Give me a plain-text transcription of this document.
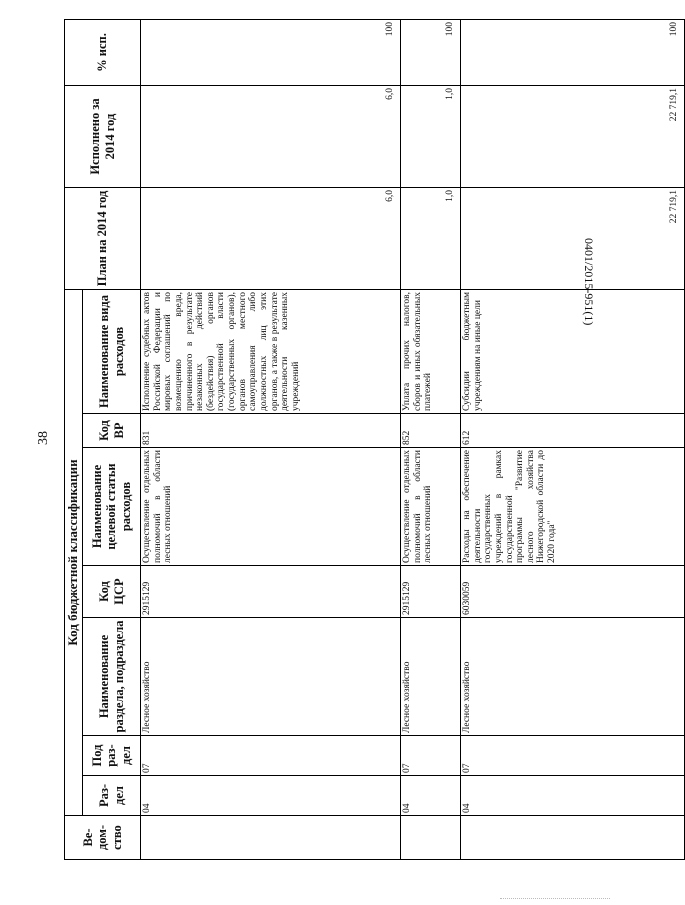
38
0401/2015-951(1)
Ве-
дом-
ство	Код бюджетной классификации							План на 2014 год	Исполнено за 2014 год	% исп.
	Раз-
дел	Под
раз-
дел	Наименование раздела, подраздела	Код ЦСР	Наименование целевой статьи расходов	Код ВР	Наименование вида расходов			
	04	07	Лесное хозяйство	2915129	Осуществление отдельных полномочий в области лесных отношений	831	Исполнение судебных актов Российской Федерации и мировых соглашений по возмещению вреда, причиненного в результате незаконных действий (бездействия) органов государственной власти (государственных органов), органов местного самоуправления либо должностных лиц этих органов, а также в результате деятельности казенных учреждений	6,0	6,0	100
	04	07	Лесное хозяйство	2915129	Осуществление отдельных полномочий в области лесных отношений	852	Уплата прочих налогов, сборов и иных обязательных платежей	1,0	1,0	100
	04	07	Лесное хозяйство	6030059	Расходы на обеспечение деятельности государственных учреждений в рамках государственной программы "Развитие лесного хозяйства Нижегородской области до 2020 года"	612	Субсидии бюджетным учреждениям на иные цели	22 719,1	22 719,1	100
